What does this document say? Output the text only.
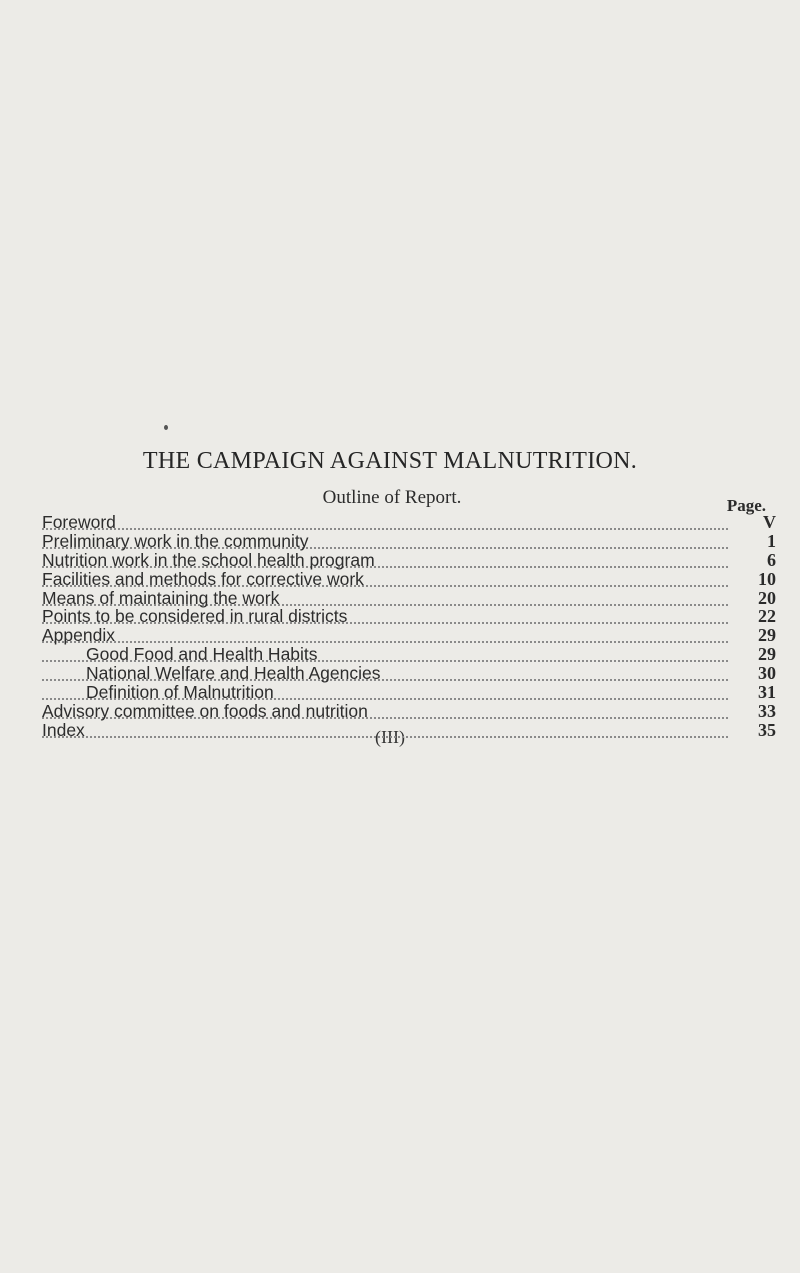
THE CAMPAIGN AGAINST MALNUTRITION.
Outline of Report.	Page.
Foreword	V
Preliminary work in the community	1
Nutrition work in the school health program	6
Facilities and methods for corrective work	10
Means of maintaining the work	20
Points to be considered in rural districts	22
Appendix	29
Good Food and Health Habits	29
National Welfare and Health Agencies	30
Definition of Malnutrition	31
Advisory committee on foods and nutrition	33
Index	35
(III)
